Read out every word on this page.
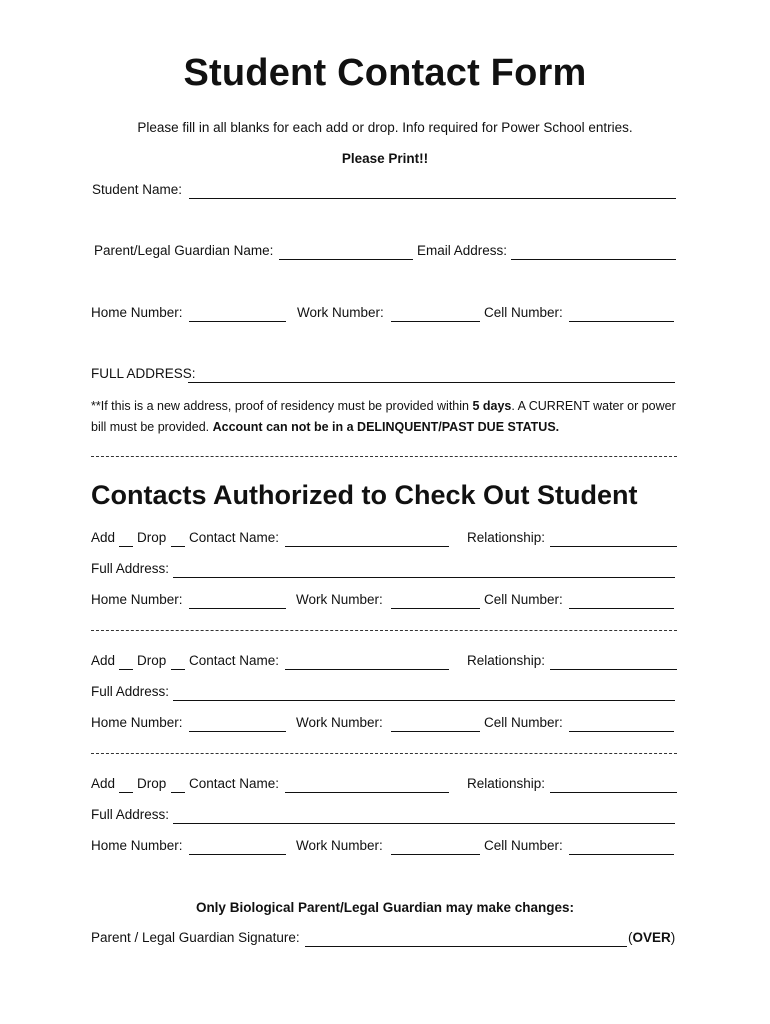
Student Contact Form
Please fill in all blanks for each add or drop. Info required for Power School entries.
Please Print!!
Student Name:
Parent/Legal Guardian Name:	Email Address:
Home Number:	Work Number:	Cell Number:
FULL ADDRESS:
**If this is a new address, proof of residency must be provided within 5 days. A CURRENT water or power bill must be provided. Account can not be in a DELINQUENT/PAST DUE STATUS.
Contacts Authorized to Check Out Student
Add Drop Contact Name:	Relationship:
Full Address:
Home Number:	Work Number:	Cell Number:
Add Drop Contact Name:	Relationship:
Full Address:
Home Number:	Work Number:	Cell Number:
Add Drop Contact Name:	Relationship:
Full Address:
Home Number:	Work Number:	Cell Number:
Only Biological Parent/Legal Guardian may make changes:
Parent / Legal Guardian Signature:	(OVER)
